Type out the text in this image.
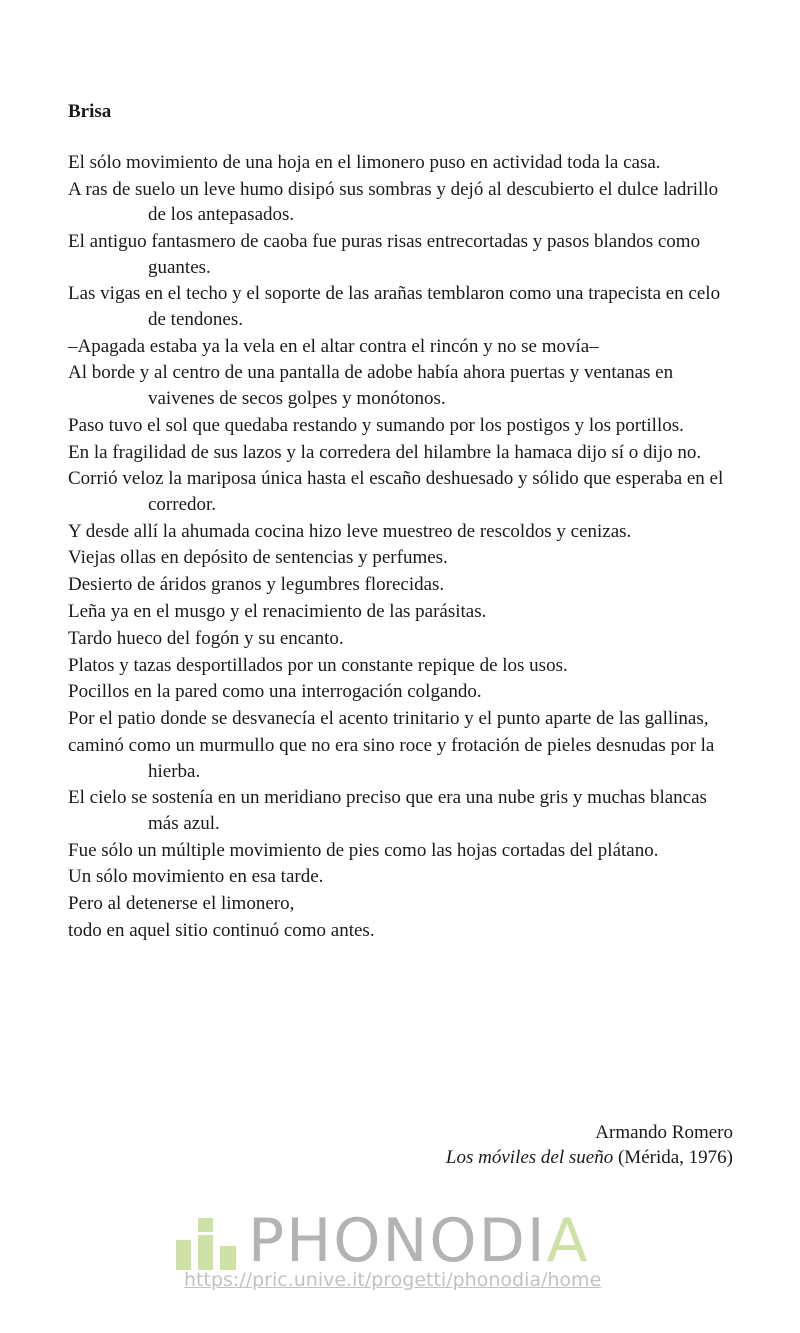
Brisa
El sólo movimiento de una hoja en el limonero puso en actividad toda la casa.
A ras de suelo un leve humo disipó sus sombras y dejó al descubierto el dulce ladrillo de los antepasados.
El antiguo fantasmero de caoba fue puras risas entrecortadas y pasos blandos como guantes.
Las vigas en el techo y el soporte de las arañas temblaron como una trapecista en celo de tendones.
–Apagada estaba ya la vela en el altar contra el rincón y no se movía–
Al borde y al centro de una pantalla de adobe había ahora puertas y ventanas en vaivenes de secos golpes y monótonos.
Paso tuvo el sol que quedaba restando y sumando por los postigos y los portillos.
En la fragilidad de sus lazos y la corredera del hilambre la hamaca dijo sí o dijo no.
Corrió veloz la mariposa única hasta el escaño deshuesado y sólido que esperaba en el corredor.
Y desde allí la ahumada cocina hizo leve muestreo de rescoldos y cenizas.
Viejas ollas en depósito de sentencias y perfumes.
Desierto de áridos granos y legumbres florecidas.
Leña ya en el musgo y el renacimiento de las parásitas.
Tardo hueco del fogón y su encanto.
Platos y tazas desportillados por un constante repique de los usos.
Pocillos en la pared como una interrogación colgando.
Por el patio donde se desvanecía el acento trinitario y el punto aparte de las gallinas,
caminó como un murmullo que no era sino roce y frotación de pieles desnudas por la hierba.
El cielo se sostenía en un meridiano preciso que era una nube gris y muchas blancas más azul.
Fue sólo un múltiple movimiento de pies como las hojas cortadas del plátano.
Un sólo movimiento en esa tarde.
Pero al detenerse el limonero,
todo en aquel sitio continuó como antes.
Armando Romero
Los móviles del sueño (Mérida, 1976)
PHONODIA
https://pric.unive.it/progetti/phonodia/home
